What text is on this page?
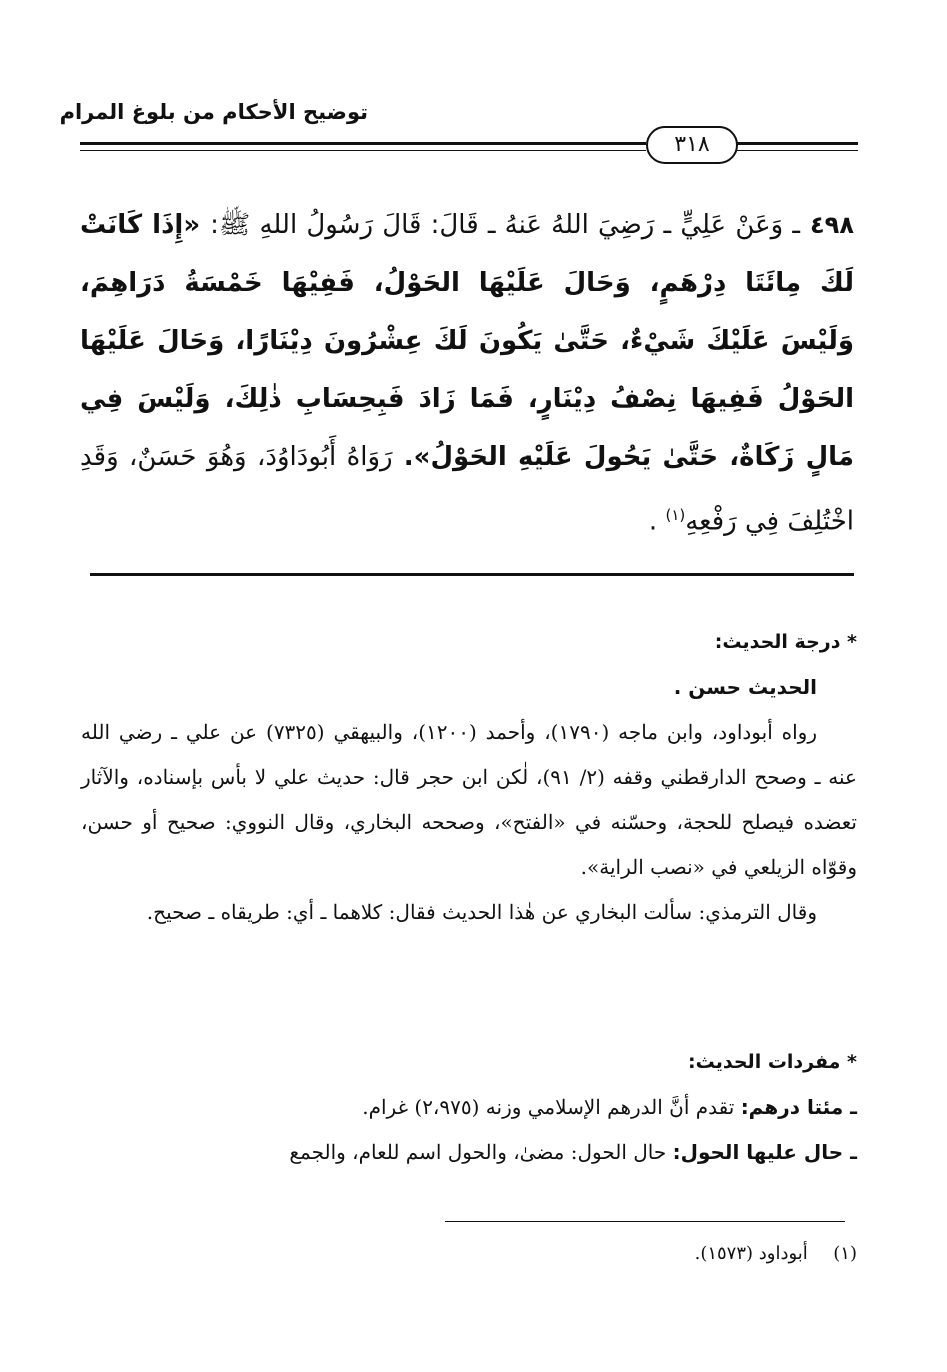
توضيح الأحكام من بلوغ المرام
٣١٨
٤٩٨ ـ وَعَنْ عَلِيٍّ ـ رَضِيَ اللهُ عَنهُ ـ قَالَ: قَالَ رَسُولُ اللهِ ﷺ: «إِذَا كَانَتْ لَكَ مِائَتَا دِرْهَمٍ، وَحَالَ عَلَيْهَا الحَوْلُ، فَفِيْهَا خَمْسَةُ دَرَاهِمَ، وَلَيْسَ عَلَيْكَ شَيْءٌ، حَتَّىٰ يَكُونَ لَكَ عِشْرُونَ دِيْنَارًا، وَحَالَ عَلَيْهَا الحَوْلُ فَفِيهَا نِصْفُ دِيْنَارٍ، فَمَا زَادَ فَبِحِسَابِ ذٰلِكَ، وَلَيْسَ فِي مَالٍ زَكَاةٌ، حَتَّىٰ يَحُولَ عَلَيْهِ الحَوْلُ». رَوَاهُ أَبُودَاوُدَ، وَهُوَ حَسَنٌ، وَقَدِ اخْتُلِفَ فِي رَفْعِهِ$^{(١)}$ .

* درجة الحديث:

الحديث حسن .

رواه أبوداود، وابن ماجه (١٧٩٠)، وأحمد (١٢٠٠)، والبيهقي (٧٣٢٥) عن علي ـ رضي الله عنه ـ وصحح الدارقطني وقفه (٢/ ٩١)، لٰكن ابن حجر قال: حديث علي لا بأس بإسناده، والآثار تعضده فيصلح للحجة، وحسّنه في «الفتح»، وصححه البخاري، وقال النووي: صحيح أو حسن، وقوّاه الزيلعي في «نصب الراية».

وقال الترمذي: سألت البخاري عن هٰذا الحديث فقال: كلاهما ـ أي: طريقاه ـ صحيح.

* مفردات الحديث:

ـ مئتا درهم: تقدم أنَّ الدرهم الإسلامي وزنه (٢،٩٧٥) غرام.

ـ حال عليها الحول: حال الحول: مضىٰ، والحول اسم للعام، والجمع

(١)  أبوداود (١٥٧٣).
